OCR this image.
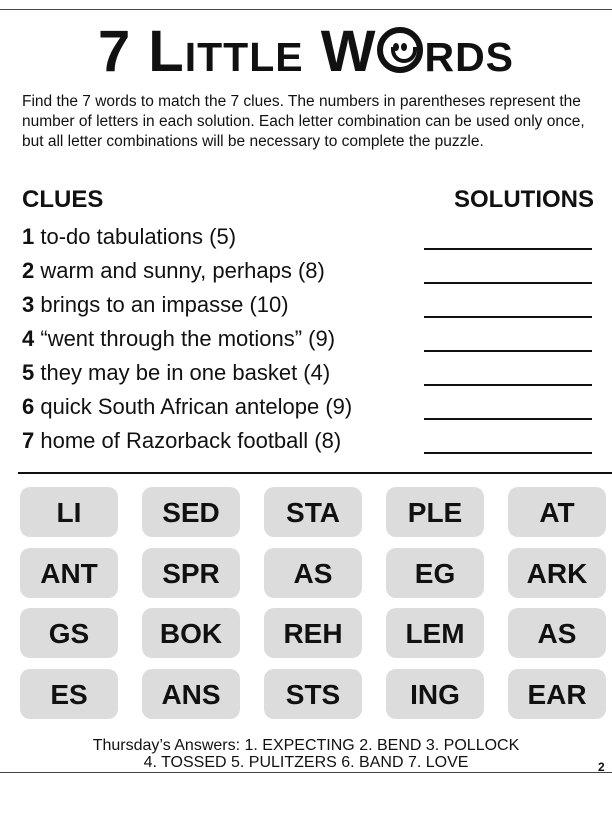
7 Little W rds
Find the 7 words to match the 7 clues. The numbers in parentheses represent the number of letters in each solution. Each letter combination can be used only once, but all letter combinations will be necessary to complete the puzzle.
CLUES	SOLUTIONS
1 to-do tabulations (5)
2 warm and sunny, perhaps (8)
3 brings to an impasse (10)
4 “went through the motions” (9)
5 they may be in one basket (4)
6 quick South African antelope (9)
7 home of Razorback football (8)
LI	SED	STA	PLE	AT
ANT	SPR	AS	EG	ARK
GS	BOK	REH	LEM	AS
ES	ANS	STS	ING	EAR
Thursday’s Answers: 1. EXPECTING 2. BEND 3. POLLOCK
4. TOSSED 5. PULITZERS 6. BAND 7. LOVE	2
